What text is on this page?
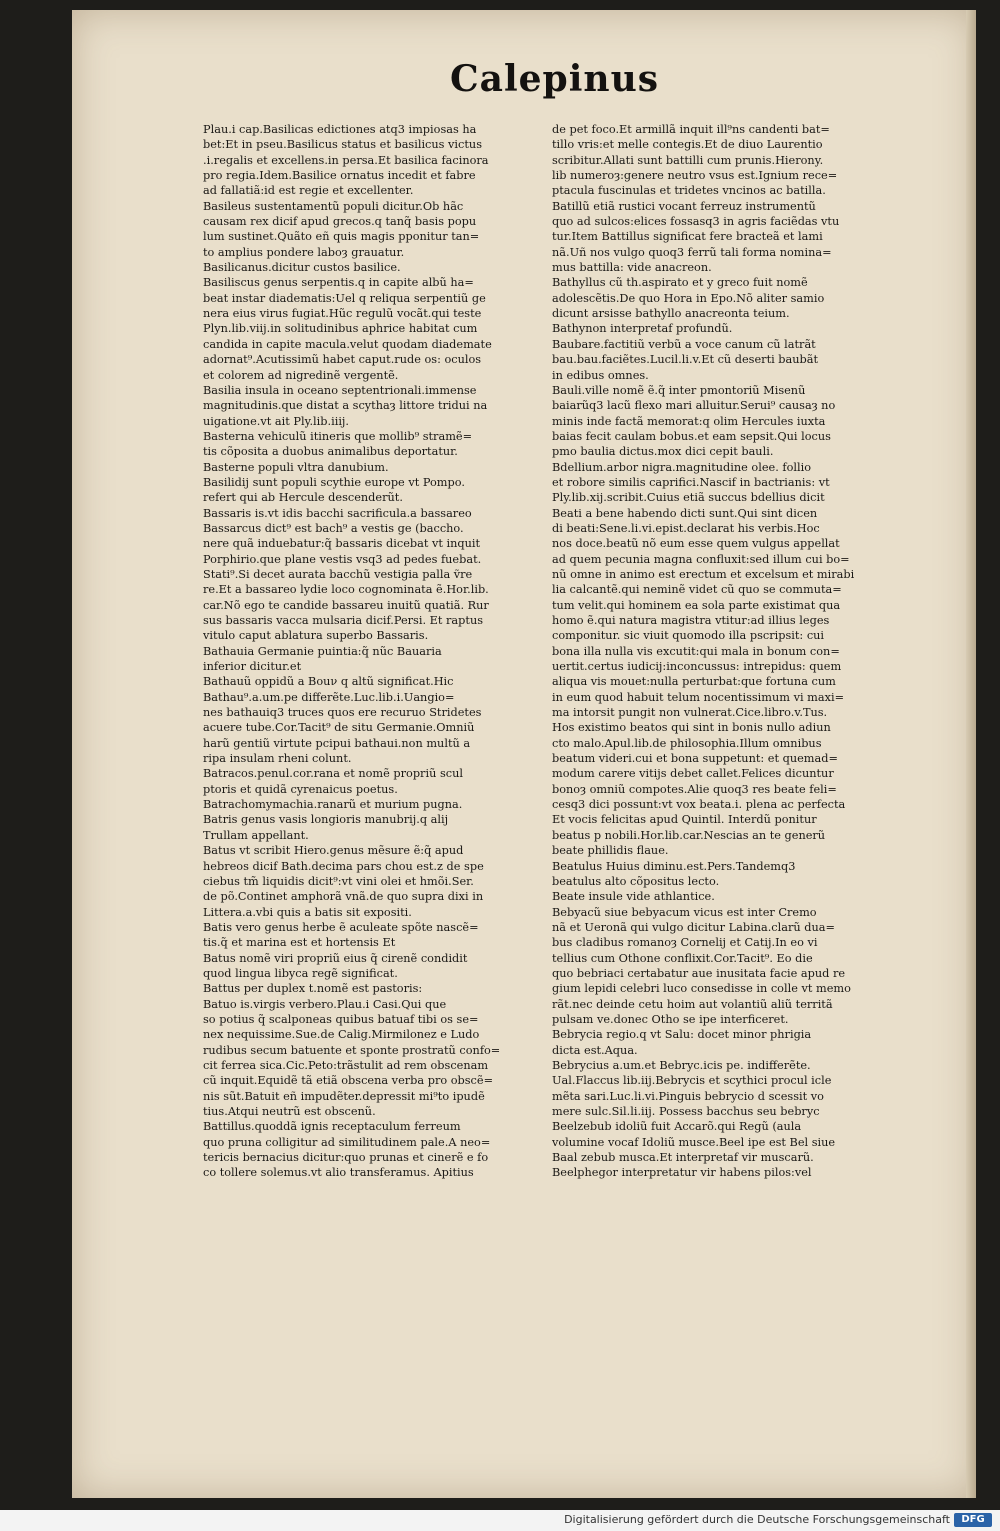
Calepinus
Plau.i cap.Basilicas edictiones atq3 impiosas ha
bet:Et in pseu.Basilicus status et basilicus victus
.i.regalis et excellens.in persa.Et basilica facinora
pro regia.Idem.Basilice ornatus incedit et fabre
ad fallatiã:id est regie et excellenter.
Basileus sustentamentũ populi dicitur.Ob hãc
causam rex dicif apud grecos.q tanq̃ basis popu
lum sustinet.Quãto eñ quis magis pponitur tan=
to amplius pondere laboȝ grauatur.
Basilicanus.dicitur custos basilice.
Basiliscus genus serpentis.q in capite albũ ha=
beat instar diadematis:Uel q reliqua serpentiũ ge
nera eius virus fugiat.Hũc regulũ vocãt.qui teste
Plyn.lib.viij.in solitudinibus aphrice habitat cum
candida in capite macula.velut quodam diademate
adornat⁹.Acutissimũ habet caput.rude os: oculos
et colorem ad nigredinẽ vergentẽ.
Basilia insula in oceano septentrionali.immense
magnitudinis.que distat a scythaȝ littore tridui na
uigatione.vt ait Ply.lib.iiij.
Basterna vehiculũ itineris que mollib⁹ stramẽ=
tis cõposita a duobus animalibus deportatur.
Basterne populi vltra danubium.
Basilidij sunt populi scythie europe vt Pompo.
refert qui ab Hercule descenderũt.
Bassaris is.vt idis bacchi sacrificula.a bassareo
Bassarcus dict⁹ est bach⁹ a vestis ge (baccho.
nere quã induebatur:q̃ bassaris dicebat vt inquit
Porphirio.que plane vestis vsq3 ad pedes fuebat.
Stati⁹.Si decet aurata bacchũ vestigia palla ṽre
re.Et a bassareo lydie loco cognominata ẽ.Hor.lib.
car.Nõ ego te candide bassareu inuitũ quatiã. Rur
sus bassaris vacca mulsaria dicif.Persi. Et raptus
vitulo caput ablatura superbo Bassaris.
Bathauia Germanie puintia:q̃ nũc Bauaria
inferior dicitur.et
Bathauũ oppidũ a Bοuν q altũ significat.Hic
Bathau⁹.a.um.pe differẽte.Luc.lib.i.Uangio=
nes bathauiq3 truces quos ere recuruo Stridetes
acuere tube.Cor.Tacit⁹ de situ Germanie.Omniũ
harũ gentiũ virtute pcipui bathaui.non multũ a
ripa insulam rheni colunt.
Batracos.penul.cor.rana et nomẽ propriũ scul
ptoris et quidã cyrenaicus poetus.
Batrachomymachia.ranarũ et murium pugna.
Batris genus vasis longioris manubrij.q alij
Trullam appellant.
Batus vt scribit Hiero.genus mẽsure ẽ:q̃ apud
hebreos dicif Bath.decima pars chou est.z de spe
ciebus tm̃ liquidis dicit⁹:vt vini olei et hmõi.Ser.
de põ.Continet amphorã vnã.de quo supra dixi in
Littera.a.vbi quis a batis sit expositi.
Batis vero genus herbe ẽ aculeate spõte nascẽ=
tis.q̃ et marina est et hortensis Et
Batus nomẽ viri propriũ eius q̃ cirenẽ condidit
quod lingua libyca regẽ significat.
Battus per duplex t.nomẽ est pastoris:
Batuo is.virgis verbero.Plau.i Casi.Qui que
so potius q̃ scalponeas quibus batuaf tibi os se=
nex nequissime.Sue.de Calig.Mirmilonez e Ludo
rudibus secum batuente et sponte prostratũ confo=
cit ferrea sica.Cic.Peto:trãstulit ad rem obscenam
cũ inquit.Equidẽ tã etiã obscena verba pro obscẽ=
nis sũt.Batuit eñ impudẽter.depressit mi⁹to ipudẽ
tius.Atqui neutrũ est obscenũ.
Battillus.quoddã ignis receptaculum ferreum
quo pruna colligitur ad similitudinem pale.A neo=
tericis bernacius dicitur:quo prunas et cinerẽ e fo
co tollere solemus.vt alio transferamus. Apitius
de pet foco.Et armillã inquit ill⁹ns candenti bat=
tillo vris:et melle contegis.Et de diuo Laurentio
scribitur.Allati sunt battilli cum prunis.Hierony.
lib numeroȝ:genere neutro vsus est.Ignium rece=
ptacula fuscinulas et tridetes vncinos ac batilla.
Batillũ etiã rustici vocant ferreuz instrumentũ
quo ad sulcos:elices fossasq3 in agris faciẽdas vtu
tur.Item Battillus significat fere bracteã et lami
nã.Uñ nos vulgo quoq3 ferrũ tali forma nomina=
mus battilla: vide anacreon.
Bathyllus cũ th.aspirato et y greco fuit nomẽ
adolescẽtis.De quo Hora in Epo.Nõ aliter samio
dicunt arsisse bathyllo anacreonta teium.
Bathynon interpretaf profundũ.
Baubare.factitiũ verbũ a voce canum cũ latrãt
bau.bau.faciẽtes.Lucil.li.v.Et cũ deserti baubãt
in edibus omnes.
Bauli.ville nomẽ ẽ.q̃ inter pmontoriũ Misenũ
baiarũq3 lacũ flexo mari alluitur.Serui⁹ causaȝ no
minis inde factã memorat:q olim Hercules iuxta
baias fecit caulam bobus.et eam sepsit.Qui locus
pmo baulia dictus.mox dici cepit bauli.
Bdellium.arbor nigra.magnitudine olee. follio
et robore similis caprifici.Nascif in bactrianis: vt
Ply.lib.xij.scribit.Cuius etiã succus bdellius dicit
Beati a bene habendo dicti sunt.Qui sint dicen
di beati:Sene.li.vi.epist.declarat his verbis.Hoc
nos doce.beatũ nõ eum esse quem vulgus appellat
ad quem pecunia magna confluxit:sed illum cui bo=
nũ omne in animo est erectum et excelsum et mirabi
lia calcantẽ.qui neminẽ videt cũ quo se commuta=
tum velit.qui hominem ea sola parte existimat qua
homo ẽ.qui natura magistra vtitur:ad illius leges
componitur. sic viuit quomodo illa pscripsit: cui
bona illa nulla vis excutit:qui mala in bonum con=
uertit.certus iudicij:inconcussus: intrepidus: quem
aliqua vis mouet:nulla perturbat:que fortuna cum
in eum quod habuit telum nocentissimum vi maxi=
ma intorsit pungit non vulnerat.Cice.libro.v.Tus.
Hos existimo beatos qui sint in bonis nullo adiun
cto malo.Apul.lib.de philosophia.Illum omnibus
beatum videri.cui et bona suppetunt: et quemad=
modum carere vitijs debet callet.Felices dicuntur
bonoȝ omniũ compotes.Alie quoq3 res beate feli=
cesq3 dici possunt:vt vox beata.i. plena ac perfecta
Et vocis felicitas apud Quintil. Interdũ ponitur
beatus p nobili.Hor.lib.car.Nescias an te generũ
beate phillidis flaue.
Beatulus Huius diminu.est.Pers.Tandemq3
beatulus alto cõpositus lecto.
Beate insule vide athlantice.
Bebyacũ siue bebyacum vicus est inter Cremo
nã et Ueronã qui vulgo dicitur Labina.clarũ dua=
bus cladibus romanoȝ Cornelij et Catij.In eo vi
tellius cum Othone conflixit.Cor.Tacit⁹. Eo die
quo bebriaci certabatur aue inusitata facie apud re
gium lepidi celebri luco consedisse in colle vt memo
rãt.nec deinde cetu hoim aut volantiũ aliũ territã
pulsam ve.donec Otho se ipe interficeret.
Bebrycia regio.q vt Salu: docet minor phrigia
dicta est.Aqua.
Bebrycius a.um.et Bebryc.icis pe. indifferẽte.
Ual.Flaccus lib.iij.Bebrycis et scythici procul icle
mẽta sari.Luc.li.vi.Pinguis bebrycio d scessit vo
mere sulc.Sil.li.iij. Possess bacchus seu bebryc
Beelzebub idoliũ fuit Accarõ.qui Regũ (aula
volumine vocaf Idoliũ musce.Beel ipe est Bel siue
Baal zebub musca.Et interpretaf vir muscarũ.
Beelphegor interpretatur vir habens pilos:vel
Digitalisierung gefördert durch die Deutsche Forschungsgemeinschaft	DFG
